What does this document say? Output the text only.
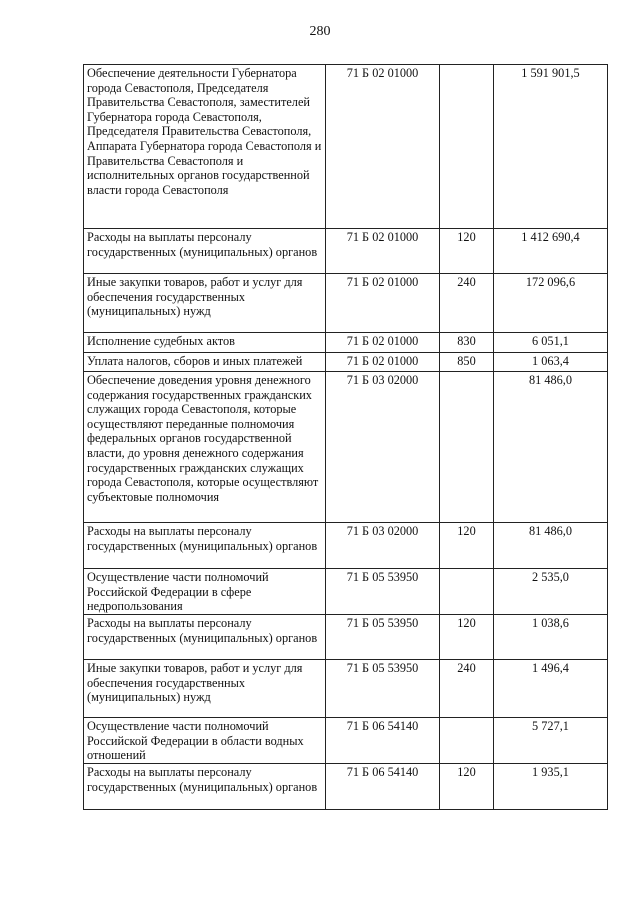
280
Обеспечение деятельности Губернатора города Севастополя, Председателя Правительства Севастополя, заместителей Губернатора города Севастополя, Председателя Правительства Севастополя, Аппарата Губернатора города Севастополя и Правительства Севастополя и исполнительных органов государственной власти города Севастополя	71 Б 02 01000		1 591 901,5
Расходы на выплаты персоналу государственных (муниципальных) органов	71 Б 02 01000	120	1 412 690,4
Иные закупки товаров, работ и услуг для обеспечения государственных (муниципальных) нужд	71 Б 02 01000	240	172 096,6
Исполнение судебных актов	71 Б 02 01000	830	6 051,1
Уплата налогов, сборов и иных платежей	71 Б 02 01000	850	1 063,4
Обеспечение доведения уровня денежного содержания государственных гражданских служащих города Севастополя, которые осуществляют переданные полномочия федеральных органов государственной власти, до уровня денежного содержания государственных гражданских служащих города Севастополя, которые осуществляют субъектовые полномочия	71 Б 03 02000		81 486,0
Расходы на выплаты персоналу государственных (муниципальных) органов	71 Б 03 02000	120	81 486,0
Осуществление части полномочий Российской Федерации в сфере недропользования	71 Б 05 53950		2 535,0
Расходы на выплаты персоналу государственных (муниципальных) органов	71 Б 05 53950	120	1 038,6
Иные закупки товаров, работ и услуг для обеспечения государственных (муниципальных) нужд	71 Б 05 53950	240	1 496,4
Осуществление части полномочий Российской Федерации в области водных отношений	71 Б 06 54140		5 727,1
Расходы на выплаты персоналу государственных (муниципальных) органов	71 Б 06 54140	120	1 935,1
